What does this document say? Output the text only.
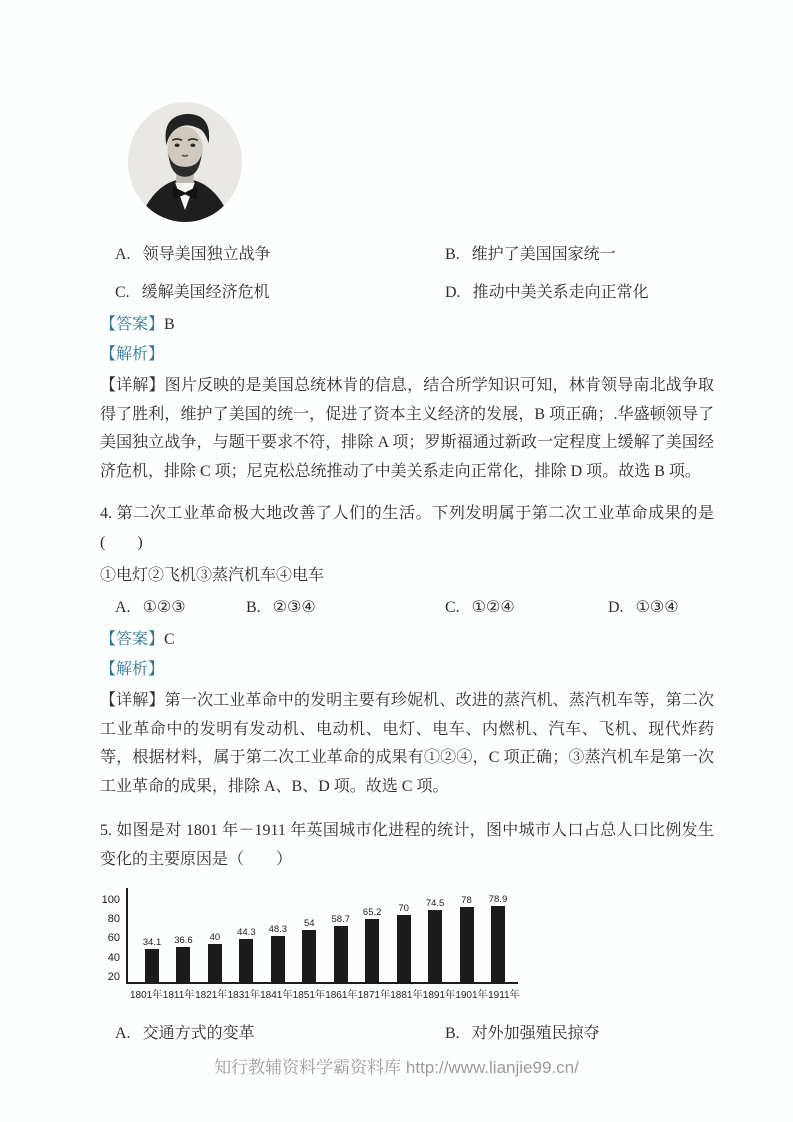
A. 领导美国独立战争	B. 维护了美国国家统一
C. 缓解美国经济危机	D. 推动中美关系走向正常化
【答案】B
【解析】

【详解】图片反映的是美国总统林肯的信息，结合所学知识可知，林肯领导南北战争取得了胜利，维护了美国的统一，促进了资本主义经济的发展，B 项正确；.华盛顿领导了美国独立战争，与题干要求不符，排除 A 项；罗斯福通过新政一定程度上缓解了美国经济危机，排除 C 项；尼克松总统推动了中美关系走向正常化，排除 D 项。故选 B 项。

4. 第二次工业革命极大地改善了人们的生活。下列发明属于第二次工业革命成果的是(　　)

①电灯②飞机③蒸汽机车④电车

A. ①②③	B. ②③④	C. ①②④	D. ①③④
【答案】C
【解析】

【详解】第一次工业革命中的发明主要有珍妮机、改进的蒸汽机、蒸汽机车等，第二次工业革命中的发明有发动机、电动机、电灯、电车、内燃机、汽车、飞机、现代炸药等，根据材料，属于第二次工业革命的成果有①②④，C 项正确；③蒸汽机车是第一次工业革命的成果，排除 A、B、D 项。故选 C 项。

5. 如图是对 1801 年－1911 年英国城市化进程的统计，图中城市人口占总人口比例发生变化的主要原因是（　　）

20
40
60
80
100
34.1 36.6 40 44.3 48.3
54 58.7
65.2 70 74.5 78 78.9
1801年 1811年 1821年 1831年 1841年 1851年 1861年 1871年 1881年 1891年 1901年 1911年
A. 交通方式的变革	B. 对外加强殖民掠夺
知行教辅资料学霸资料库 http://www.lianjie99.cn/
